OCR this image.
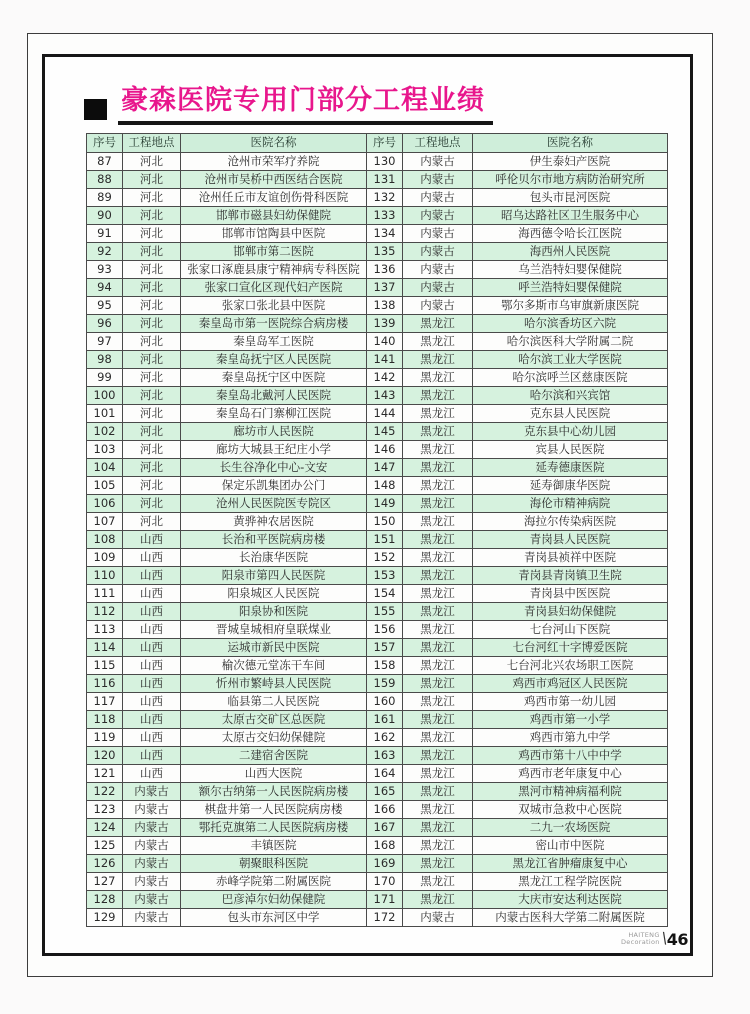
豪森医院专用门部分工程业绩
序号	工程地点	医院名称	序号	工程地点	医院名称
87	河北	沧州市荣军疗养院	130	内蒙古	伊生泰妇产医院
88	河北	沧州市吴桥中西医结合医院	131	内蒙古	呼伦贝尔市地方病防治研究所
89	河北	沧州任丘市友谊创伤骨科医院	132	内蒙古	包头市昆河医院
90	河北	邯郸市磁县妇幼保健院	133	内蒙古	昭乌达路社区卫生服务中心
91	河北	邯郸市馆陶县中医院	134	内蒙古	海西德令哈长江医院
92	河北	邯郸市第二医院	135	内蒙古	海西州人民医院
93	河北	张家口涿鹿县康宁精神病专科医院	136	内蒙古	乌兰浩特妇婴保健院
94	河北	张家口宣化区现代妇产医院	137	内蒙古	呼兰浩特妇婴保健院
95	河北	张家口张北县中医院	138	内蒙古	鄂尔多斯市乌审旗新康医院
96	河北	秦皇岛市第一医院综合病房楼	139	黑龙江	哈尔滨香坊区六院
97	河北	秦皇岛军工医院	140	黑龙江	哈尔滨医科大学附属二院
98	河北	秦皇岛抚宁区人民医院	141	黑龙江	哈尔滨工业大学医院
99	河北	秦皇岛抚宁区中医院	142	黑龙江	哈尔滨呼兰区慈康医院
100	河北	秦皇岛北戴河人民医院	143	黑龙江	哈尔滨和兴宾馆
101	河北	秦皇岛石门寨柳江医院	144	黑龙江	克东县人民医院
102	河北	廊坊市人民医院	145	黑龙江	克东县中心幼儿园
103	河北	廊坊大城县王纪庄小学	146	黑龙江	宾县人民医院
104	河北	长生谷净化中心-文安	147	黑龙江	延寿德康医院
105	河北	保定乐凯集团办公门	148	黑龙江	延寿御康华医院
106	河北	沧州人民医院医专院区	149	黑龙江	海伦市精神病院
107	河北	黄骅神农居医院	150	黑龙江	海拉尔传染病医院
108	山西	长治和平医院病房楼	151	黑龙江	青岗县人民医院
109	山西	长治康华医院	152	黑龙江	青岗县祯祥中医院
110	山西	阳泉市第四人民医院	153	黑龙江	青岗县青岗镇卫生院
111	山西	阳泉城区人民医院	154	黑龙江	青岗县中医医院
112	山西	阳泉协和医院	155	黑龙江	青岗县妇幼保健院
113	山西	晋城皇城相府皇联煤业	156	黑龙江	七台河山下医院
114	山西	运城市新民中医院	157	黑龙江	七台河红十字博爱医院
115	山西	榆次德元堂冻干车间	158	黑龙江	七台河北兴农场职工医院
116	山西	忻州市繁峙县人民医院	159	黑龙江	鸡西市鸡冠区人民医院
117	山西	临县第二人民医院	160	黑龙江	鸡西市第一幼儿园
118	山西	太原古交矿区总医院	161	黑龙江	鸡西市第一小学
119	山西	太原古交妇幼保健院	162	黑龙江	鸡西市第九中学
120	山西	二建宿舍医院	163	黑龙江	鸡西市第十八中中学
121	山西	山西大医院	164	黑龙江	鸡西市老年康复中心
122	内蒙古	额尔古纳第一人民医院病房楼	165	黑龙江	黑河市精神病福利院
123	内蒙古	棋盘井第一人民医院病房楼	166	黑龙江	双城市急救中心医院
124	内蒙古	鄂托克旗第二人民医院病房楼	167	黑龙江	二九一农场医院
125	内蒙古	丰镇医院	168	黑龙江	密山市中医院
126	内蒙古	朝聚眼科医院	169	黑龙江	黑龙江省肿瘤康复中心
127	内蒙古	赤峰学院第二附属医院	170	黑龙江	黑龙江工程学院医院
128	内蒙古	巴彦淖尔妇幼保健院	171	黑龙江	大庆市安达利达医院
129	内蒙古	包头市东河区中学	172	内蒙古	内蒙古医科大学第二附属医院
HAITENG
Decoration \
46
